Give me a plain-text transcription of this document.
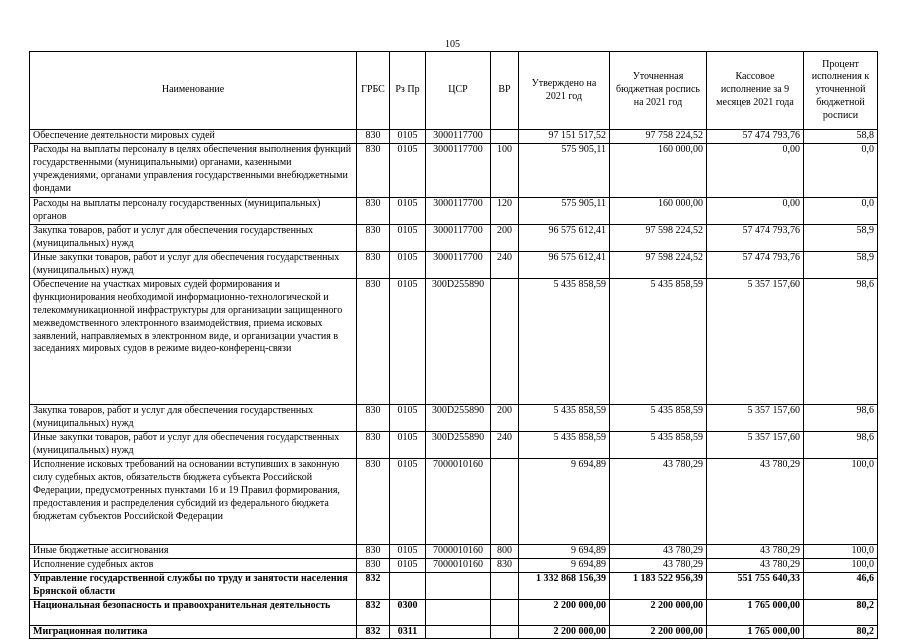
105
Наименование	ГРБС	Рз Пр	ЦСР	ВР	Утверждено на 2021 год	Уточненная бюджетная роспись на 2021 год	Кассовое исполнение за 9 месяцев 2021 года	Процент исполнения к уточненной бюджетной росписи
Обеспечение деятельности мировых судей	830	0105	3000117700		97 151 517,52	97 758 224,52	57 474 793,76	58,8
Расходы на выплаты персоналу в целях обеспечения выполнения функций государственными (муниципальными) органами, казенными учреждениями, органами управления государственными внебюджетными фондами	830	0105	3000117700	100	575 905,11	160 000,00	0,00	0,0
Расходы на выплаты персоналу государственных (муниципальных) органов	830	0105	3000117700	120	575 905,11	160 000,00	0,00	0,0
Закупка товаров, работ и услуг для обеспечения государственных (муниципальных) нужд	830	0105	3000117700	200	96 575 612,41	97 598 224,52	57 474 793,76	58,9
Иные закупки товаров, работ и услуг для обеспечения государственных (муниципальных) нужд	830	0105	3000117700	240	96 575 612,41	97 598 224,52	57 474 793,76	58,9
Обеспечение на участках мировых судей формирования и функционирования необходимой информационно-технологической и телекоммуникационной инфраструктуры для организации защищенного межведомственного электронного взаимодействия, приема исковых заявлений, направляемых в электронном виде, и организации участия в заседаниях мировых судов в режиме видео-конференц-связи	830	0105	300D255890		5 435 858,59	5 435 858,59	5 357 157,60	98,6
Закупка товаров, работ и услуг для обеспечения государственных (муниципальных) нужд	830	0105	300D255890	200	5 435 858,59	5 435 858,59	5 357 157,60	98,6
Иные закупки товаров, работ и услуг для обеспечения государственных (муниципальных) нужд	830	0105	300D255890	240	5 435 858,59	5 435 858,59	5 357 157,60	98,6
Исполнение исковых требований на основании вступивших в законную силу судебных актов, обязательств бюджета субъекта Российской Федерации, предусмотренных пунктами 16 и 19 Правил формирования, предоставления и распределения субсидий из федерального бюджета бюджетам субъектов Российской Федерации	830	0105	7000010160		9 694,89	43 780,29	43 780,29	100,0
Иные бюджетные ассигнования	830	0105	7000010160	800	9 694,89	43 780,29	43 780,29	100,0
Исполнение судебных актов	830	0105	7000010160	830	9 694,89	43 780,29	43 780,29	100,0
Управление государственной службы по труду и занятости населения Брянской области	832				1 332 868 156,39	1 183 522 956,39	551 755 640,33	46,6
Национальная безопасность и правоохранительная деятельность	832	0300			2 200 000,00	2 200 000,00	1 765 000,00	80,2
Миграционная политика	832	0311			2 200 000,00	2 200 000,00	1 765 000,00	80,2
